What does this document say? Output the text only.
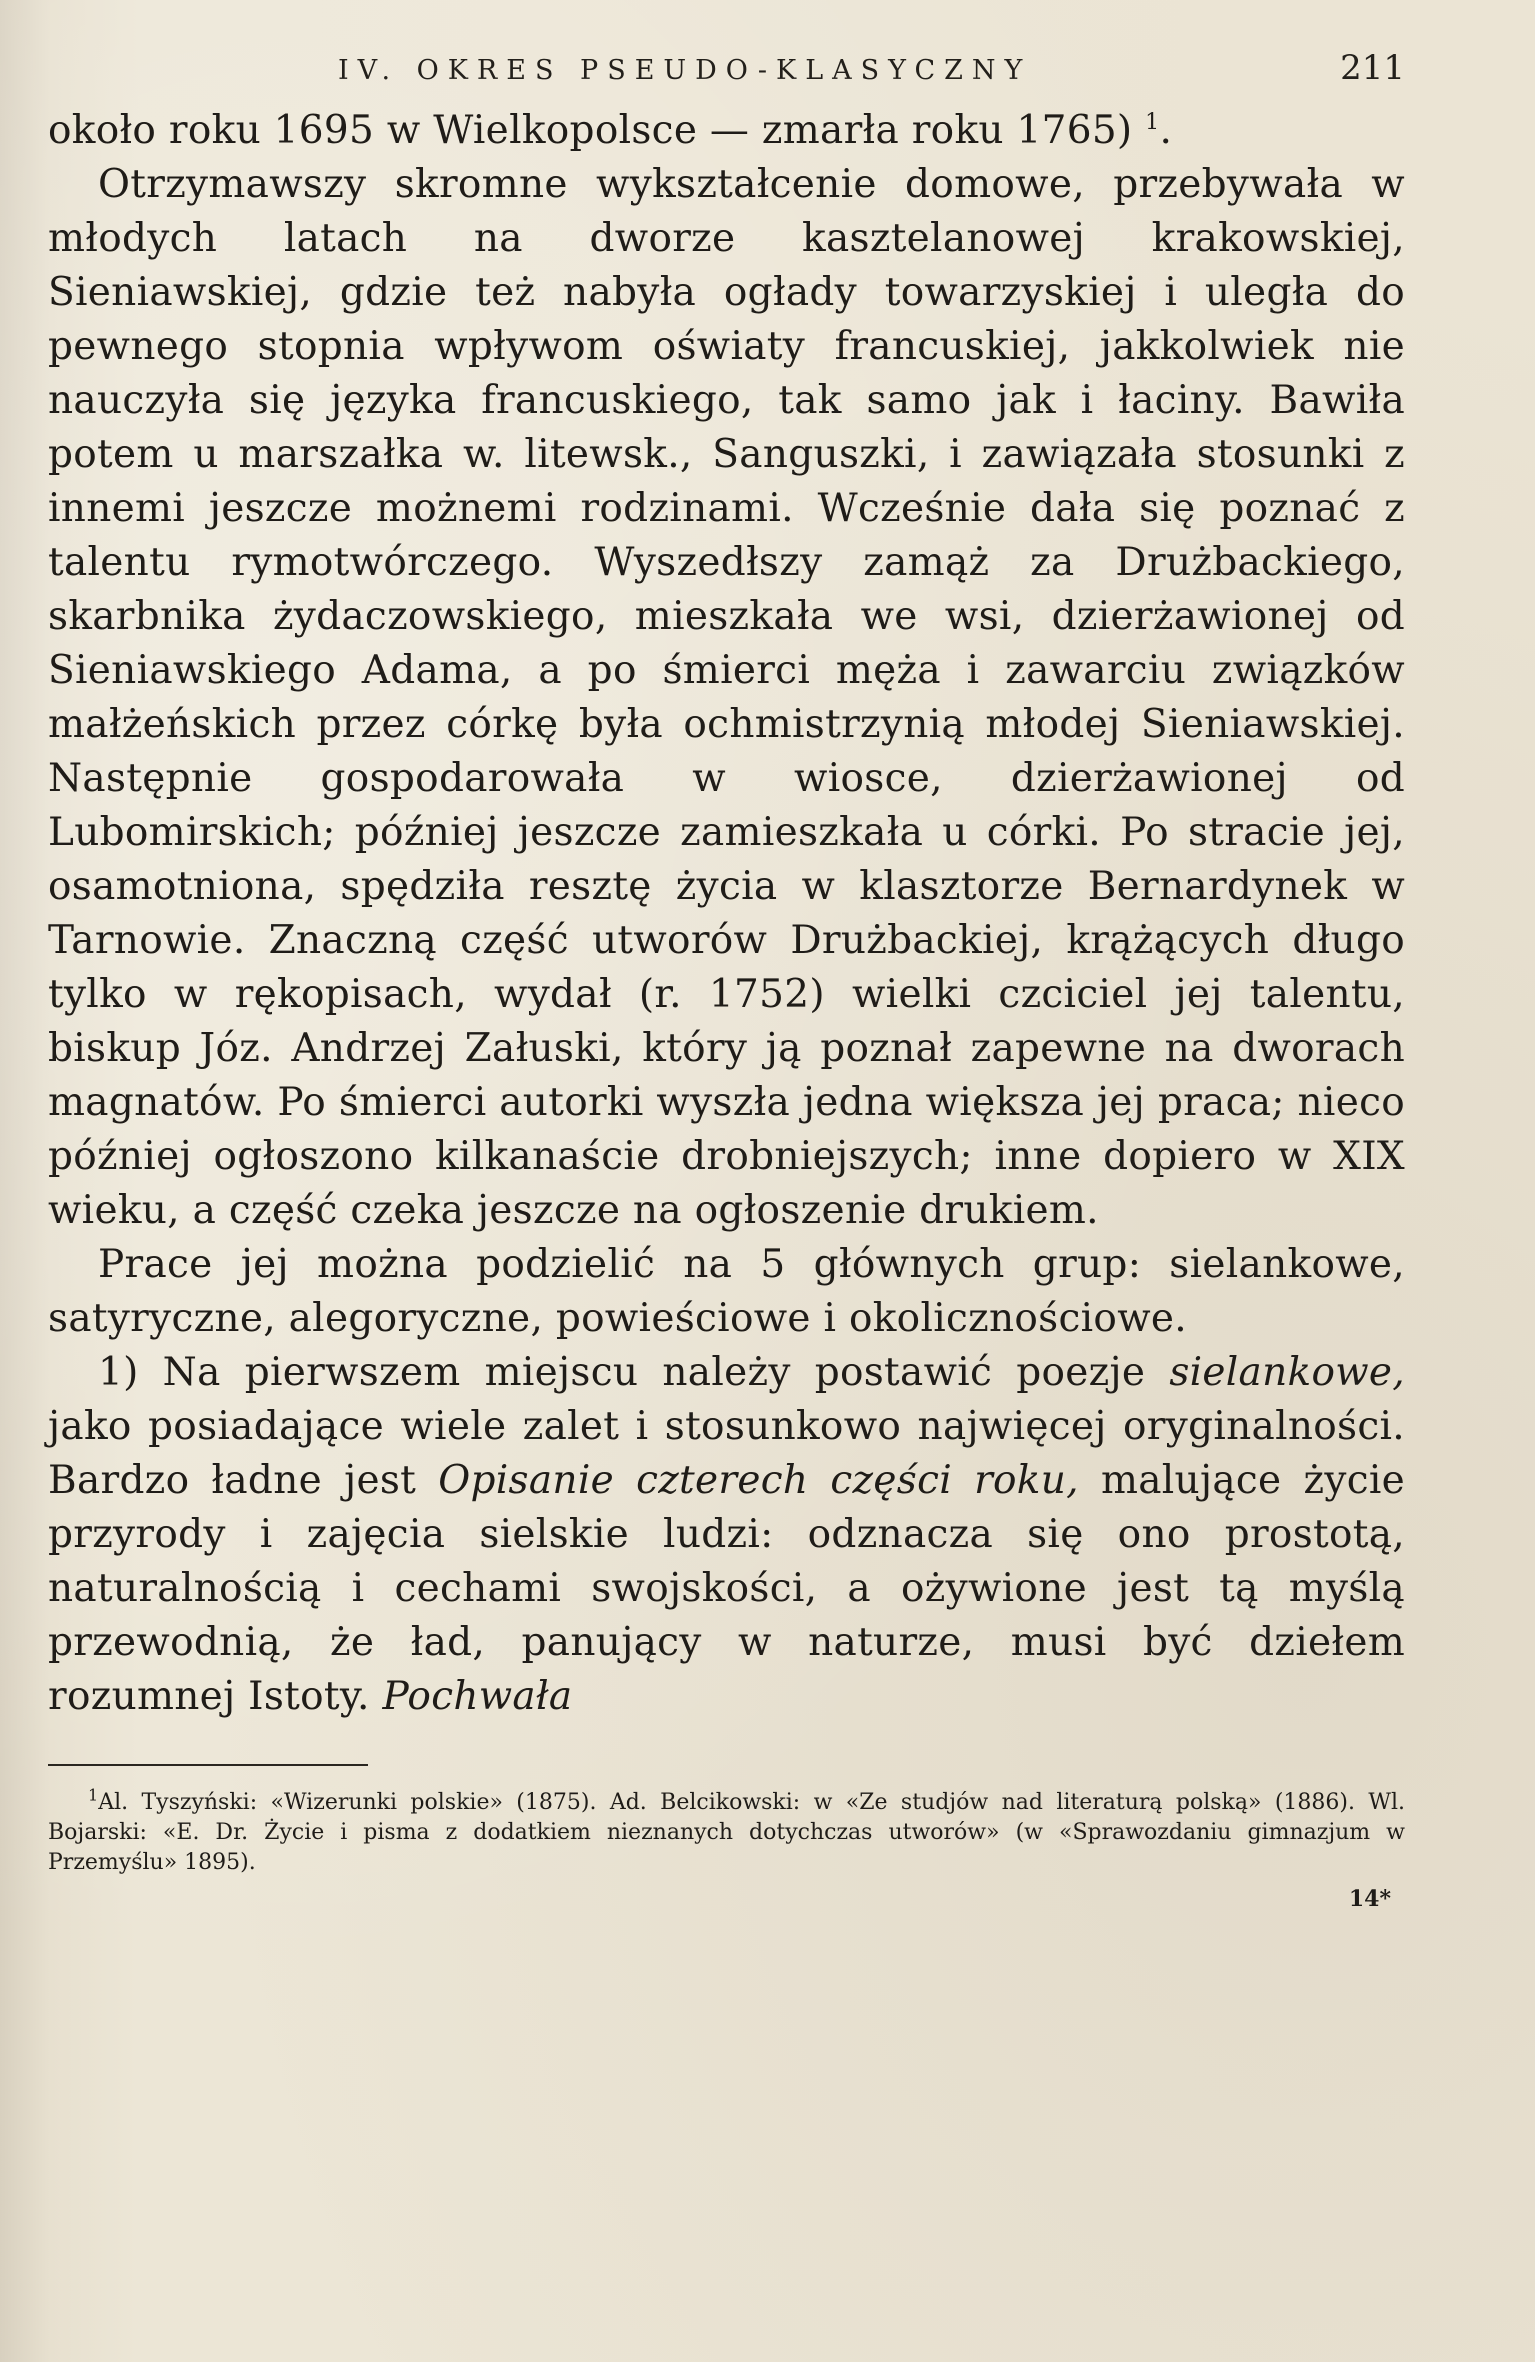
IV. OKRES PSEUDO-KLASYCZNY	211

około roku 1695 w Wielkopolsce — zmarła roku 1765) $^1$.

Otrzymawszy skromne wykształcenie domowe, przebywała w młodych latach na dworze kasztelanowej krakowskiej, Sieniawskiej, gdzie też nabyła ogłady towarzyskiej i uległa do pewnego stopnia wpływom oświaty francuskiej, jakkolwiek nie nauczyła się języka francuskiego, tak samo jak i łaciny. Bawiła potem u marszałka w. litewsk., Sanguszki, i zawiązała stosunki z innemi jeszcze możnemi rodzinami. Wcześnie dała się poznać z talentu rymotwórczego. Wyszedłszy zamąż za Drużbackiego, skarbnika żydaczowskiego, mieszkała we wsi, dzierżawionej od Sieniawskiego Adama, a po śmierci męża i zawarciu związków małżeńskich przez córkę była ochmistrzynią młodej Sieniawskiej. Następnie gospodarowała w wiosce, dzierżawionej od Lubomirskich; później jeszcze zamieszkała u córki. Po stracie jej, osamotniona, spędziła resztę życia w klasztorze Bernardynek w Tarnowie. Znaczną część utworów Drużbackiej, krążących długo tylko w rękopisach, wydał (r. 1752) wielki czciciel jej talentu, biskup Józ. Andrzej Załuski, który ją poznał zapewne na dworach magnatów. Po śmierci autorki wyszła jedna większa jej praca; nieco później ogłoszono kilkanaście drobniejszych; inne dopiero w XIX wieku, a część czeka jeszcze na ogłoszenie drukiem.

Prace jej można podzielić na 5 głównych grup: sielankowe, satyryczne, alegoryczne, powieściowe i okolicznościowe.

1) Na pierwszem miejscu należy postawić poezje sielankowe, jako posiadające wiele zalet i stosunkowo najwięcej oryginalności. Bardzo ładne jest Opisanie czterech części roku, malujące życie przyrody i zajęcia sielskie ludzi: odznacza się ono prostotą, naturalnością i cechami swojskości, a ożywione jest tą myślą przewodnią, że ład, panujący w naturze, musi być dziełem rozumnej Istoty. Pochwała

$^1$Al. Tyszyński: «Wizerunki polskie» (1875). Ad. Belcikowski: w «Ze studjów nad literaturą polską» (1886). Wl. Bojarski: «E. Dr. Życie i pisma z dodatkiem nieznanych dotychczas utworów» (w «Sprawozdaniu gimnazjum w Przemyślu» 1895).

14*
